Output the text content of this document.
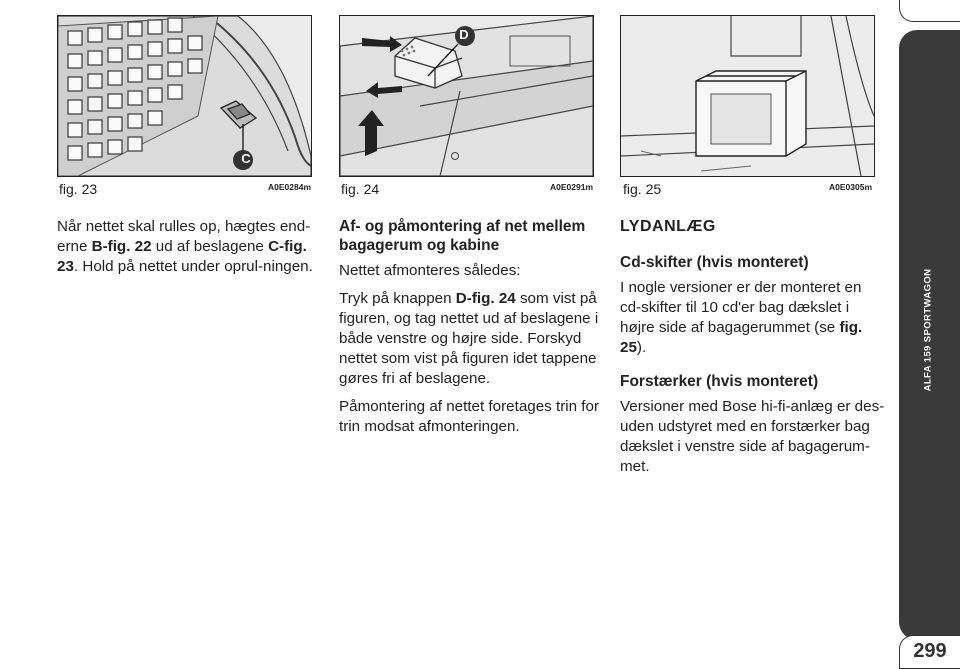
fig. 23	A0E0284m
C
fig. 24	A0E0291m
D
fig. 25	A0E0305m

Når nettet skal rulles op, hægtes end-erne B-fig. 22 ud af beslagene C-fig. 23. Hold på nettet under oprul-ningen.

Af- og påmontering af net mellem bagagerum og kabine

Nettet afmonteres således:

Tryk på knappen D-fig. 24 som vist på figuren, og tag nettet ud af beslagene i både venstre og højre side. Forskyd nettet som vist på figuren idet tappene gøres fri af beslagene.

Påmontering af nettet foretages trin for trin modsat afmonteringen.

LYDANLÆG
Cd-skifter (hvis monteret)

I nogle versioner er der monteret en cd-skifter til 10 cd'er bag dækslet i højre side af bagagerummet (se fig. 25).

Forstærker (hvis monteret)

Versioner med Bose hi-fi-anlæg er des-uden udstyret med en forstærker bag dækslet i venstre side af bagagerum-met.

ALFA 159 SPORTWAGON
299
